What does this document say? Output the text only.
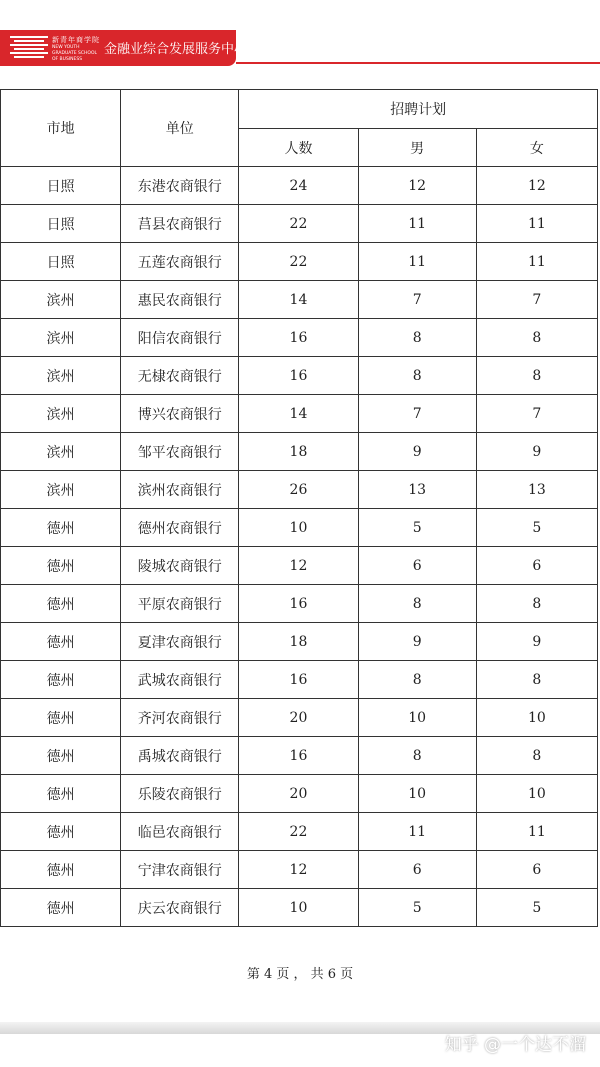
新青年商学院
NEW YOUTH GRADUATE SCHOOL OF BUSINESS
金融业综合发展服务中心
市地	单位	招聘计划		
		人数	男	女
日照	东港农商银行	24	12	12
日照	莒县农商银行	22	11	11
日照	五莲农商银行	22	11	11
滨州	惠民农商银行	14	7	7
滨州	阳信农商银行	16	8	8
滨州	无棣农商银行	16	8	8
滨州	博兴农商银行	14	7	7
滨州	邹平农商银行	18	9	9
滨州	滨州农商银行	26	13	13
德州	德州农商银行	10	5	5
德州	陵城农商银行	12	6	6
德州	平原农商银行	16	8	8
德州	夏津农商银行	18	9	9
德州	武城农商银行	16	8	8
德州	齐河农商银行	20	10	10
德州	禹城农商银行	16	8	8
德州	乐陵农商银行	20	10	10
德州	临邑农商银行	22	11	11
德州	宁津农商银行	12	6	6
德州	庆云农商银行	10	5	5
第 4 页 ， 共 6 页
知乎 @一个达不溜
